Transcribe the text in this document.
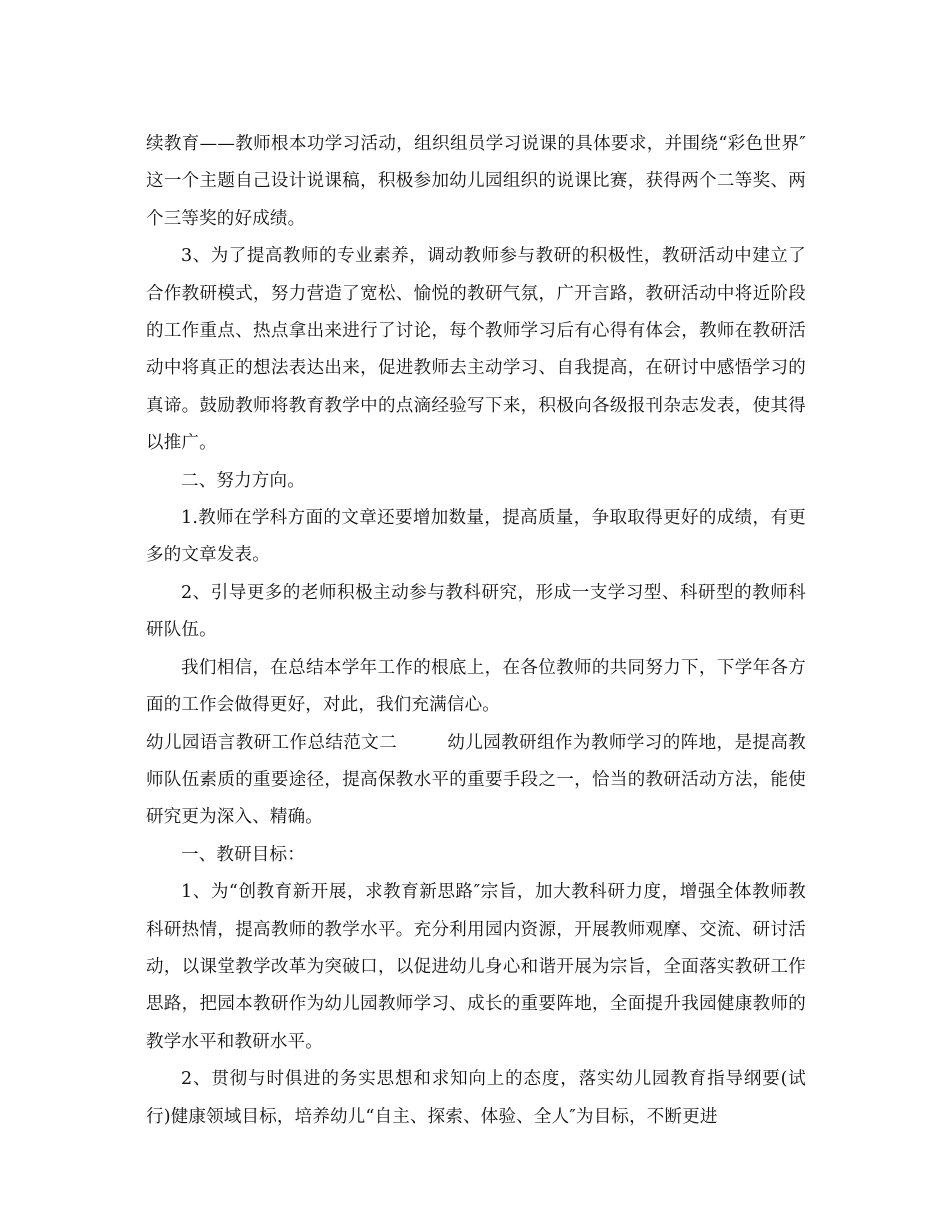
续教育——教师根本功学习活动，组织组员学习说课的具体要求，并围绕“彩色世界″这一个主题自己设计说课稿，积极参加幼儿园组织的说课比赛，获得两个二等奖、两个三等奖的好成绩。

3、为了提高教师的专业素养，调动教师参与教研的积极性，教研活动中建立了合作教研模式，努力营造了宽松、愉悦的教研气氛，广开言路，教研活动中将近阶段的工作重点、热点拿出来进行了讨论，每个教师学习后有心得有体会，教师在教研活动中将真正的想法表达出来，促进教师去主动学习、自我提高，在研讨中感悟学习的真谛。鼓励教师将教育教学中的点滴经验写下来，积极向各级报刊杂志发表，使其得以推广。

二、努力方向。

1.教师在学科方面的文章还要增加数量，提高质量，争取取得更好的成绩，有更多的文章发表。

2、引导更多的老师积极主动参与教科研究，形成一支学习型、科研型的教师科研队伍。

我们相信，在总结本学年工作的根底上，在各位教师的共同努力下，下学年各方面的工作会做得更好，对此，我们充满信心。

幼儿园语言教研工作总结范文二	幼儿园教研组作为教师学习的阵地，是提高教师队伍素质的重要途径，提高保教水平的重要手段之一，恰当的教研活动方法，能使研究更为深入、精确。

一、教研目标：

1、为“创教育新开展，求教育新思路″宗旨，加大教科研力度，增强全体教师教科研热情，提高教师的教学水平。充分利用园内资源，开展教师观摩、交流、研讨活动，以课堂教学改革为突破口，以促进幼儿身心和谐开展为宗旨，全面落实教研工作思路，把园本教研作为幼儿园教师学习、成长的重要阵地，全面提升我园健康教师的教学水平和教研水平。

2、贯彻与时俱进的务实思想和求知向上的态度，落实幼儿园教育指导纲要(试行)健康领域目标，培养幼儿“自主、探索、体验、全人″为目标，不断更进
